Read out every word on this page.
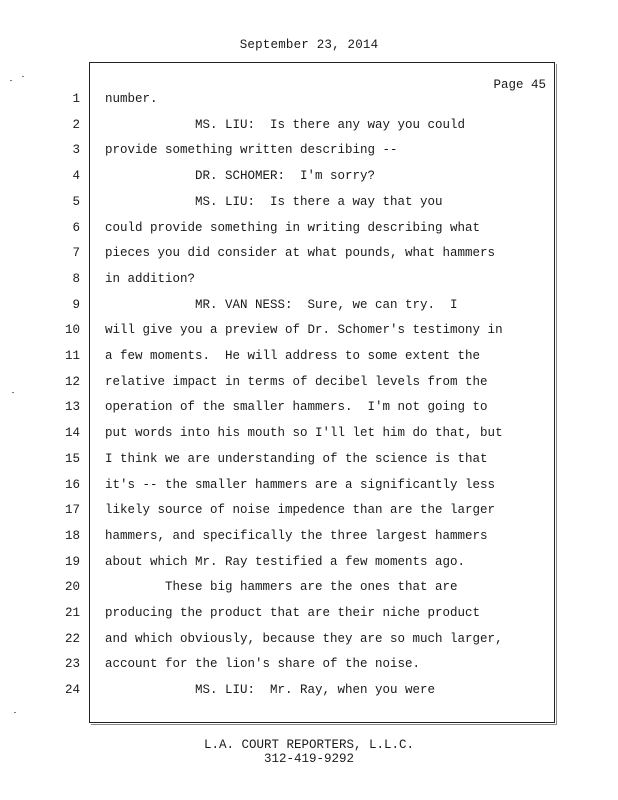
September 23, 2014
Page 45
1 number.
2 MS. LIU:  Is there any way you could
3 provide something written describing --
4 DR. SCHOMER:  I'm sorry?
5 MS. LIU:  Is there a way that you
6 could provide something in writing describing what
7 pieces you did consider at what pounds, what hammers
8 in addition?
9 MR. VAN NESS:  Sure, we can try.  I
10 will give you a preview of Dr. Schomer's testimony in
11 a few moments.  He will address to some extent the
12 relative impact in terms of decibel levels from the
13 operation of the smaller hammers.  I'm not going to
14 put words into his mouth so I'll let him do that, but
15 I think we are understanding of the science is that
16 it's -- the smaller hammers are a significantly less
17 likely source of noise impedence than are the larger
18 hammers, and specifically the three largest hammers
19 about which Mr. Ray testified a few moments ago.
20 These big hammers are the ones that are
21 producing the product that are their niche product
22 and which obviously, because they are so much larger,
23 account for the lion's share of the noise.
24 MS. LIU:  Mr. Ray, when you were
L.A. COURT REPORTERS, L.L.C.
312-419-9292
